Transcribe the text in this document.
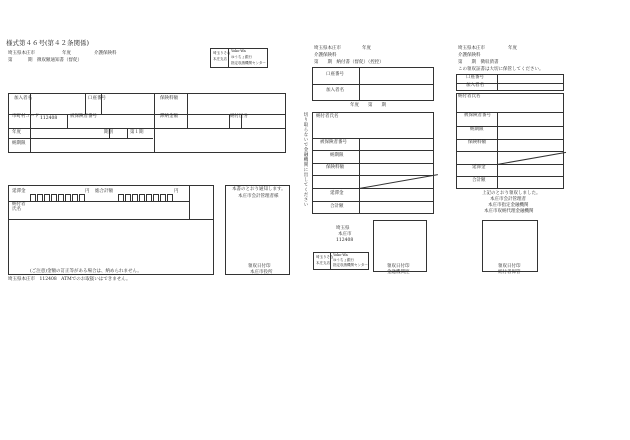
様式第４６号(第４２条関係)
埼玉県本庄市	年度	介護保険料
第	期 徴収額通知書（督促）
埼玉りそな
本庄支店
Yoko-Wa
ゆうちょ銀行
指定収納機関センター
加入者名	口座番号	保険料額
市町村コード 112408	被保険者番号	滞納金額	納付区分
年度	期別	第１期
納期限
延滞金	円 総合計額	円
納付者氏名
(ご注意)金額の訂正等がある場合は、納められません。
埼玉県本庄市　112408　ATMでのお取扱いはできません。
本書のとおり通知します。
本庄市会計管理者様
領収日付印
本庄市役所
埼玉県本庄市	年度
介護保険料
第　　期　納付書（督促）（控控）
口座番号
加入者名
年度　　第　　期
切り取らないで金融機関に出してください 納付者氏名
被保険者番号
納期限
保険料額
延滞金
合計額
埼玉県
本庄市
112408
埼玉りそな
本庄支店
Yoko-Wa
ゆうちょ銀行
指定収納機関センター	領収日付印
金融機関控
埼玉県本庄市	年度
介護保険料
第　　期　徴収済書
この領収証書は大切に保管してください。
口座番号
加入者名
納付者氏名
被保険者番号
納期限
保険料額
延滞金
合計額
上記のとおり領収しました。
本庄市会計管理者
本庄市指定金融機関
本庄市収納代理金融機関
領収日付印
納付者保管
